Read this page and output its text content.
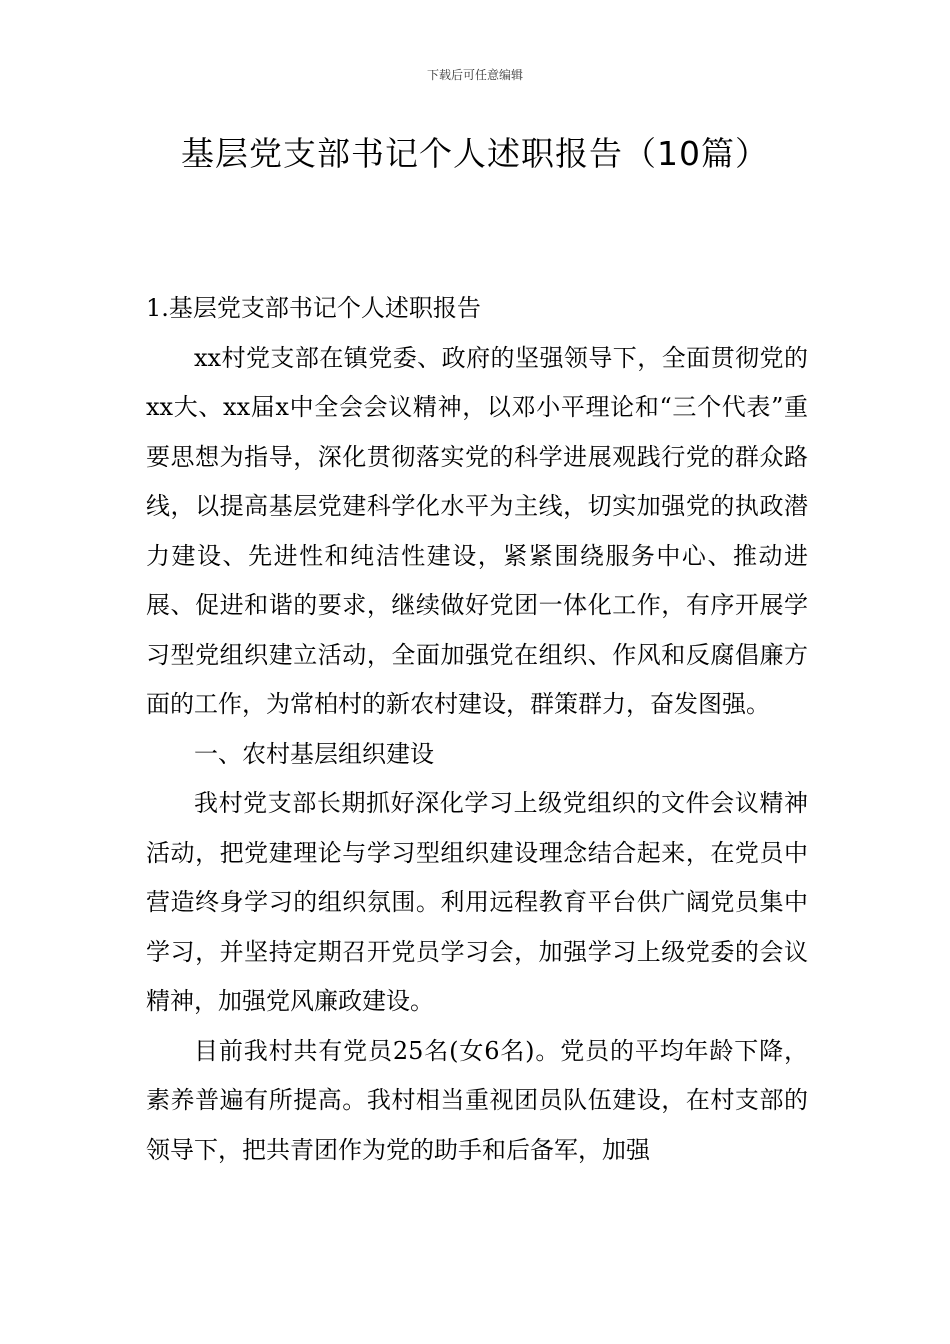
下载后可任意编辑
基层党支部书记个人述职报告（10篇）

1.基层党支部书记个人述职报告

xx村党支部在镇党委、政府的坚强领导下，全面贯彻党的xx大、xx届x中全会会议精神，以邓小平理论和“三个代表”重要思想为指导，深化贯彻落实党的科学进展观践行党的群众路线，以提高基层党建科学化水平为主线，切实加强党的执政潜力建设、先进性和纯洁性建设，紧紧围绕服务中心、推动进展、促进和谐的要求，继续做好党团一体化工作，有序开展学习型党组织建立活动，全面加强党在组织、作风和反腐倡廉方面的工作，为常柏村的新农村建设，群策群力，奋发图强。

一、农村基层组织建设

我村党支部长期抓好深化学习上级党组织的文件会议精神活动，把党建理论与学习型组织建设理念结合起来，在党员中营造终身学习的组织氛围。利用远程教育平台供广阔党员集中学习，并坚持定期召开党员学习会，加强学习上级党委的会议精神，加强党风廉政建设。

目前我村共有党员25名(女6名)。党员的平均年龄下降，素养普遍有所提高。我村相当重视团员队伍建设，在村支部的领导下，把共青团作为党的助手和后备军，加强
